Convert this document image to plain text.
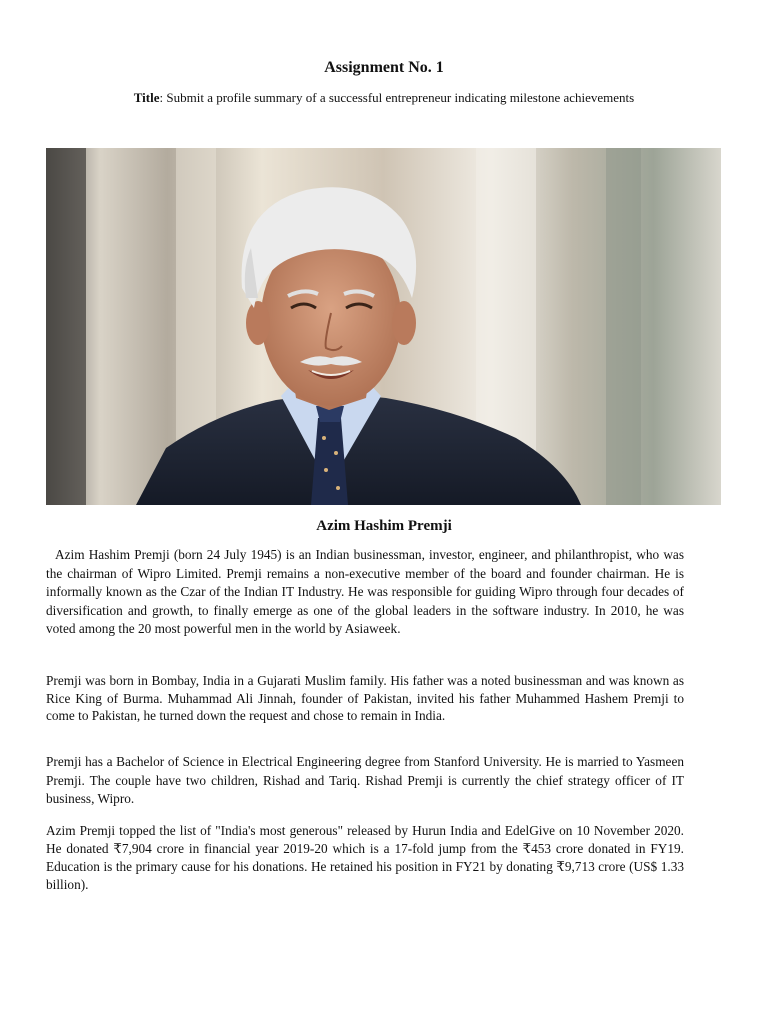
Assignment No. 1
Title: Submit a profile summary of a successful entrepreneur indicating milestone achievements
Azim Hashim Premji
Azim Hashim Premji (born 24 July 1945) is an Indian businessman, investor, engineer, and philanthropist, who was the chairman of Wipro Limited. Premji remains a non-executive member of the board and founder chairman. He is informally known as the Czar of the Indian IT Industry. He was responsible for guiding Wipro through four decades of diversification and growth, to finally emerge as one of the global leaders in the software industry. In 2010, he was voted among the 20 most powerful men in the world by Asiaweek.
Premji was born in Bombay, India in a Gujarati Muslim family. His father was a noted businessman and was known as Rice King of Burma. Muhammad Ali Jinnah, founder of Pakistan, invited his father Muhammed Hashem Premji to come to Pakistan, he turned down the request and chose to remain in India.
Premji has a Bachelor of Science in Electrical Engineering degree from Stanford University. He is married to Yasmeen Premji. The couple have two children, Rishad and Tariq. Rishad Premji is currently the chief strategy officer of IT business, Wipro.
Azim Premji topped the list of "India's most generous" released by Hurun India and EdelGive on 10 November 2020. He donated ₹7,904 crore in financial year 2019-20 which is a 17-fold jump from the ₹453 crore donated in FY19. Education is the primary cause for his donations. He retained his position in FY21 by donating ₹9,713 crore (US$ 1.33 billion).
